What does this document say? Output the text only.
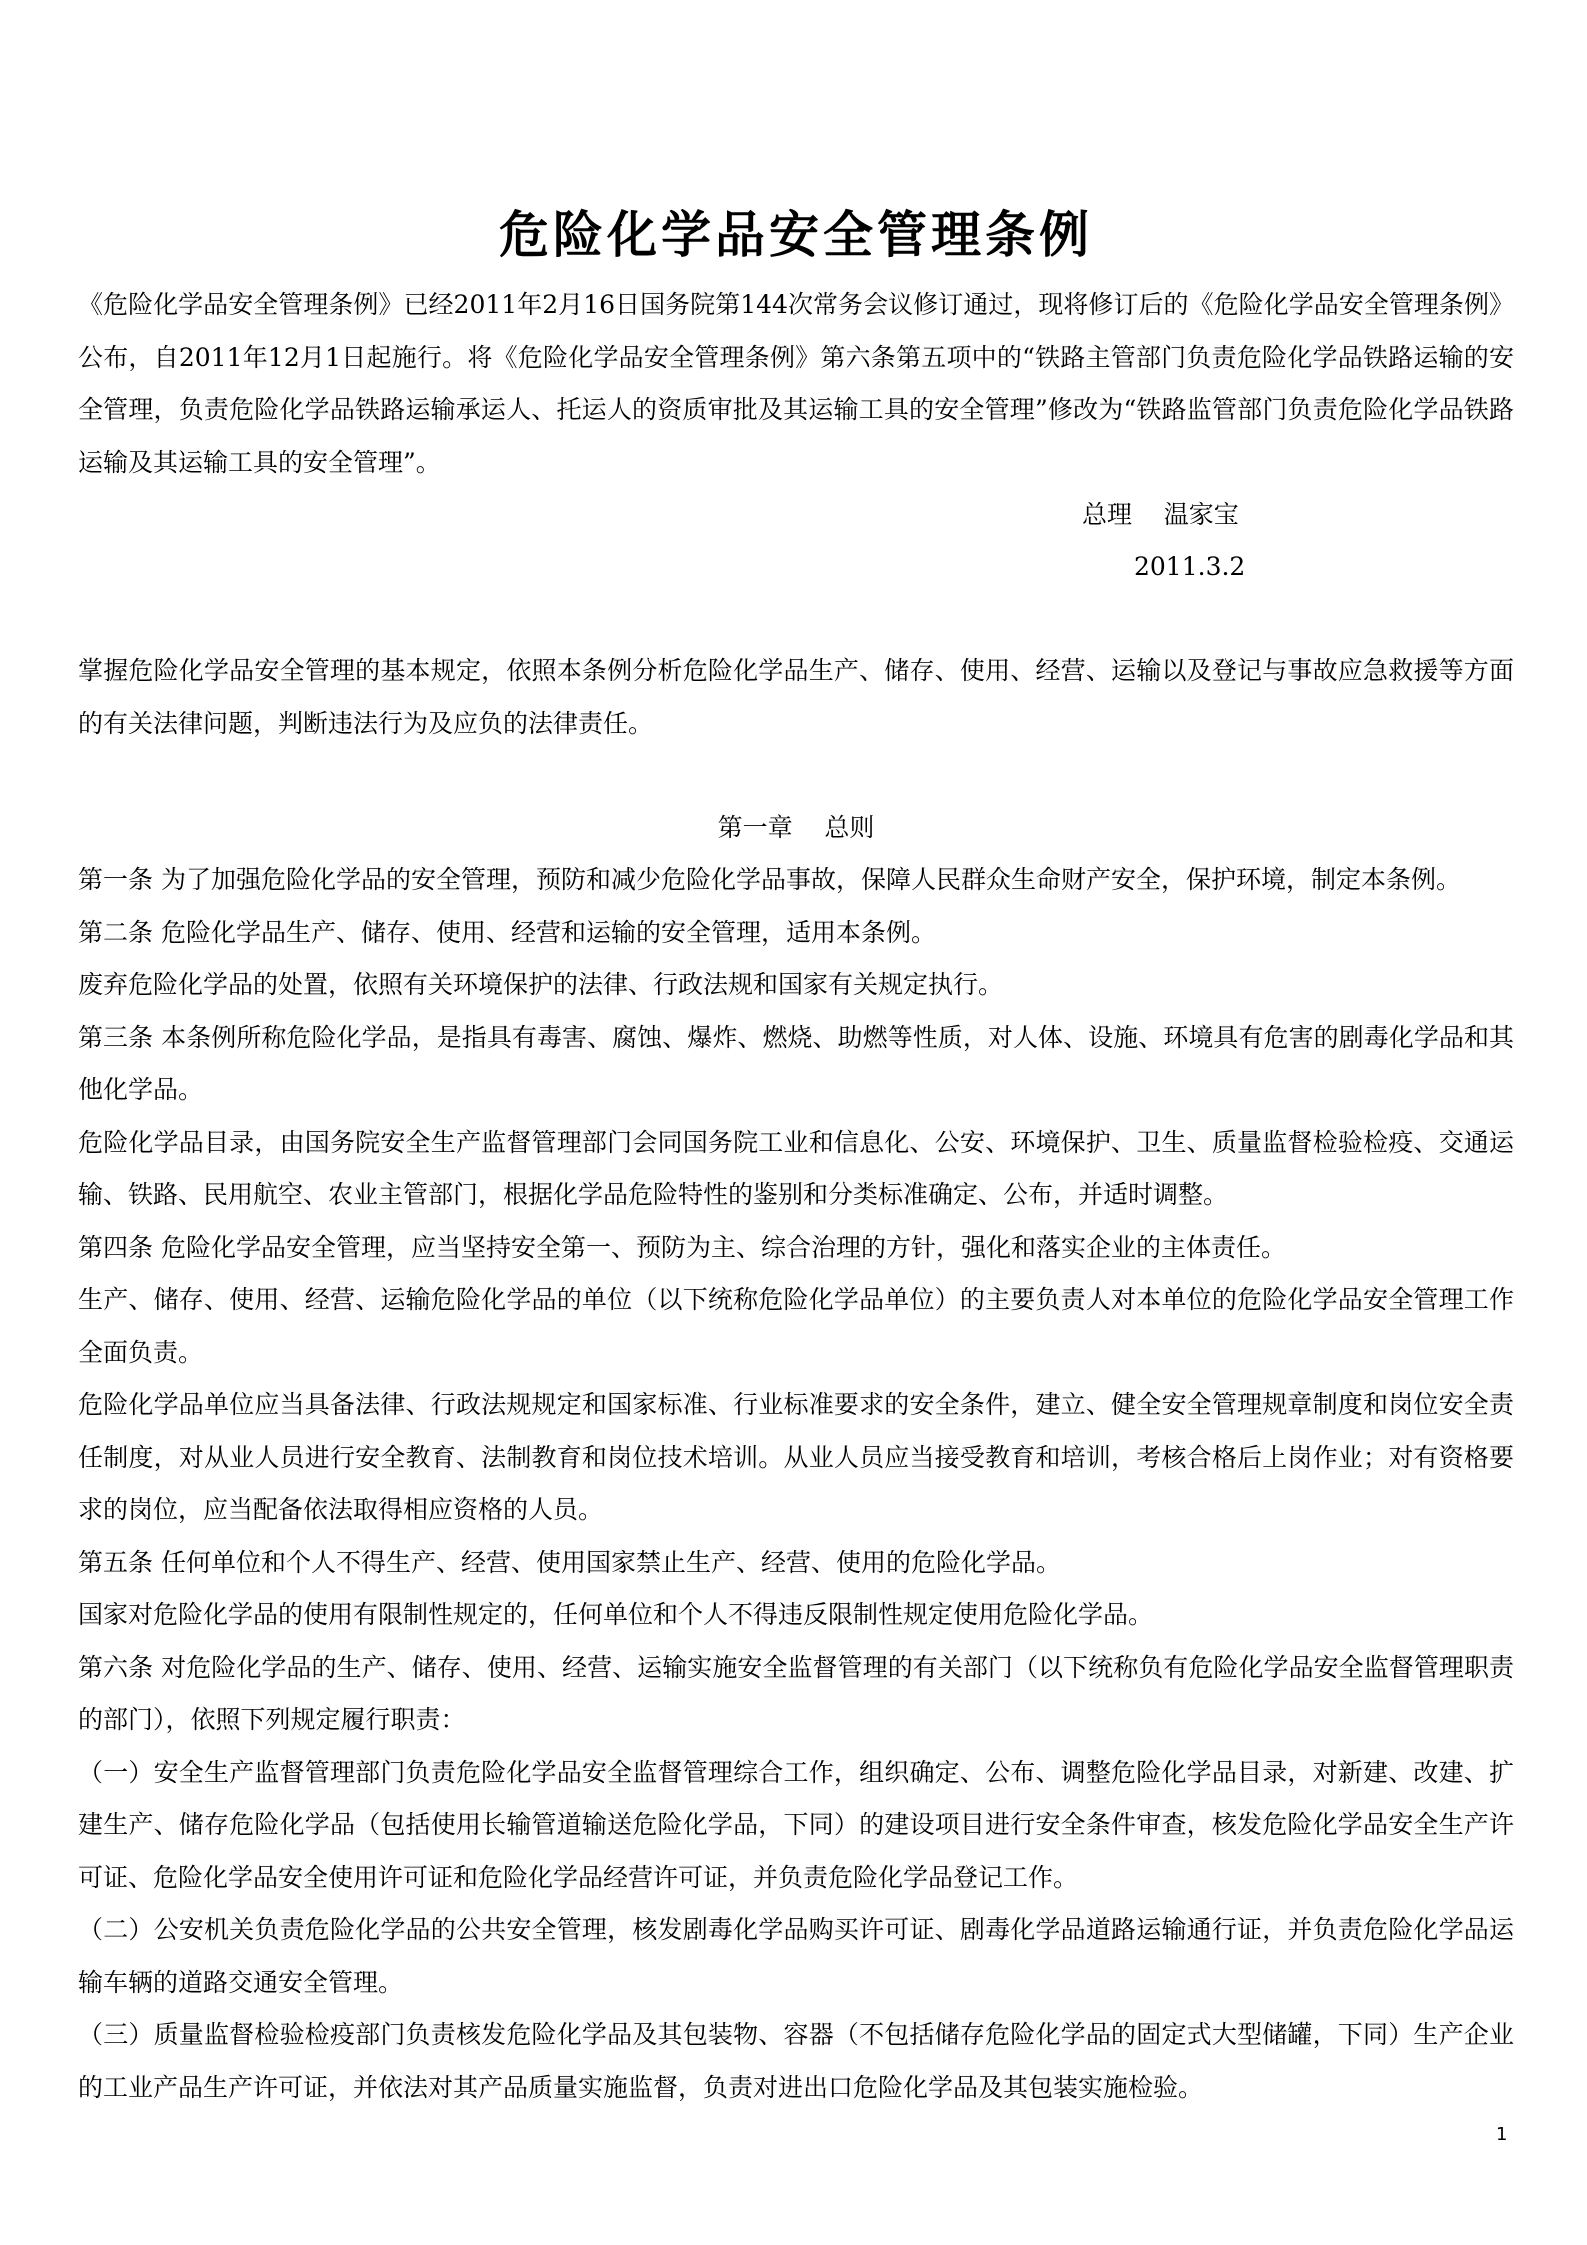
危险化学品安全管理条例

《危险化学品安全管理条例》已经2011年2月16日国务院第144次常务会议修订通过，现将修订后的《危险化学品安全管理条例》公布，自2011年12月1日起施行。将《危险化学品安全管理条例》第六条第五项中的“铁路主管部门负责危险化学品铁路运输的安全管理，负责危险化学品铁路运输承运人、托运人的资质审批及其运输工具的安全管理”修改为“铁路监管部门负责危险化学品铁路运输及其运输工具的安全管理”。

总理    温家宝

2011.3.2

掌握危险化学品安全管理的基本规定，依照本条例分析危险化学品生产、储存、使用、经营、运输以及登记与事故应急救援等方面的有关法律问题，判断违法行为及应负的法律责任。

第一章    总则

第一条 为了加强危险化学品的安全管理，预防和减少危险化学品事故，保障人民群众生命财产安全，保护环境，制定本条例。

第二条 危险化学品生产、储存、使用、经营和运输的安全管理，适用本条例。

废弃危险化学品的处置，依照有关环境保护的法律、行政法规和国家有关规定执行。

第三条 本条例所称危险化学品，是指具有毒害、腐蚀、爆炸、燃烧、助燃等性质，对人体、设施、环境具有危害的剧毒化学品和其他化学品。

危险化学品目录，由国务院安全生产监督管理部门会同国务院工业和信息化、公安、环境保护、卫生、质量监督检验检疫、交通运输、铁路、民用航空、农业主管部门，根据化学品危险特性的鉴别和分类标准确定、公布，并适时调整。

第四条 危险化学品安全管理，应当坚持安全第一、预防为主、综合治理的方针，强化和落实企业的主体责任。

生产、储存、使用、经营、运输危险化学品的单位（以下统称危险化学品单位）的主要负责人对本单位的危险化学品安全管理工作全面负责。

危险化学品单位应当具备法律、行政法规规定和国家标准、行业标准要求的安全条件，建立、健全安全管理规章制度和岗位安全责任制度，对从业人员进行安全教育、法制教育和岗位技术培训。从业人员应当接受教育和培训，考核合格后上岗作业；对有资格要求的岗位，应当配备依法取得相应资格的人员。

第五条 任何单位和个人不得生产、经营、使用国家禁止生产、经营、使用的危险化学品。

国家对危险化学品的使用有限制性规定的，任何单位和个人不得违反限制性规定使用危险化学品。

第六条 对危险化学品的生产、储存、使用、经营、运输实施安全监督管理的有关部门（以下统称负有危险化学品安全监督管理职责的部门），依照下列规定履行职责：

（一）安全生产监督管理部门负责危险化学品安全监督管理综合工作，组织确定、公布、调整危险化学品目录，对新建、改建、扩建生产、储存危险化学品（包括使用长输管道输送危险化学品，下同）的建设项目进行安全条件审查，核发危险化学品安全生产许可证、危险化学品安全使用许可证和危险化学品经营许可证，并负责危险化学品登记工作。

（二）公安机关负责危险化学品的公共安全管理，核发剧毒化学品购买许可证、剧毒化学品道路运输通行证，并负责危险化学品运输车辆的道路交通安全管理。

（三）质量监督检验检疫部门负责核发危险化学品及其包装物、容器（不包括储存危险化学品的固定式大型储罐，下同）生产企业的工业产品生产许可证，并依法对其产品质量实施监督，负责对进出口危险化学品及其包装实施检验。

1
